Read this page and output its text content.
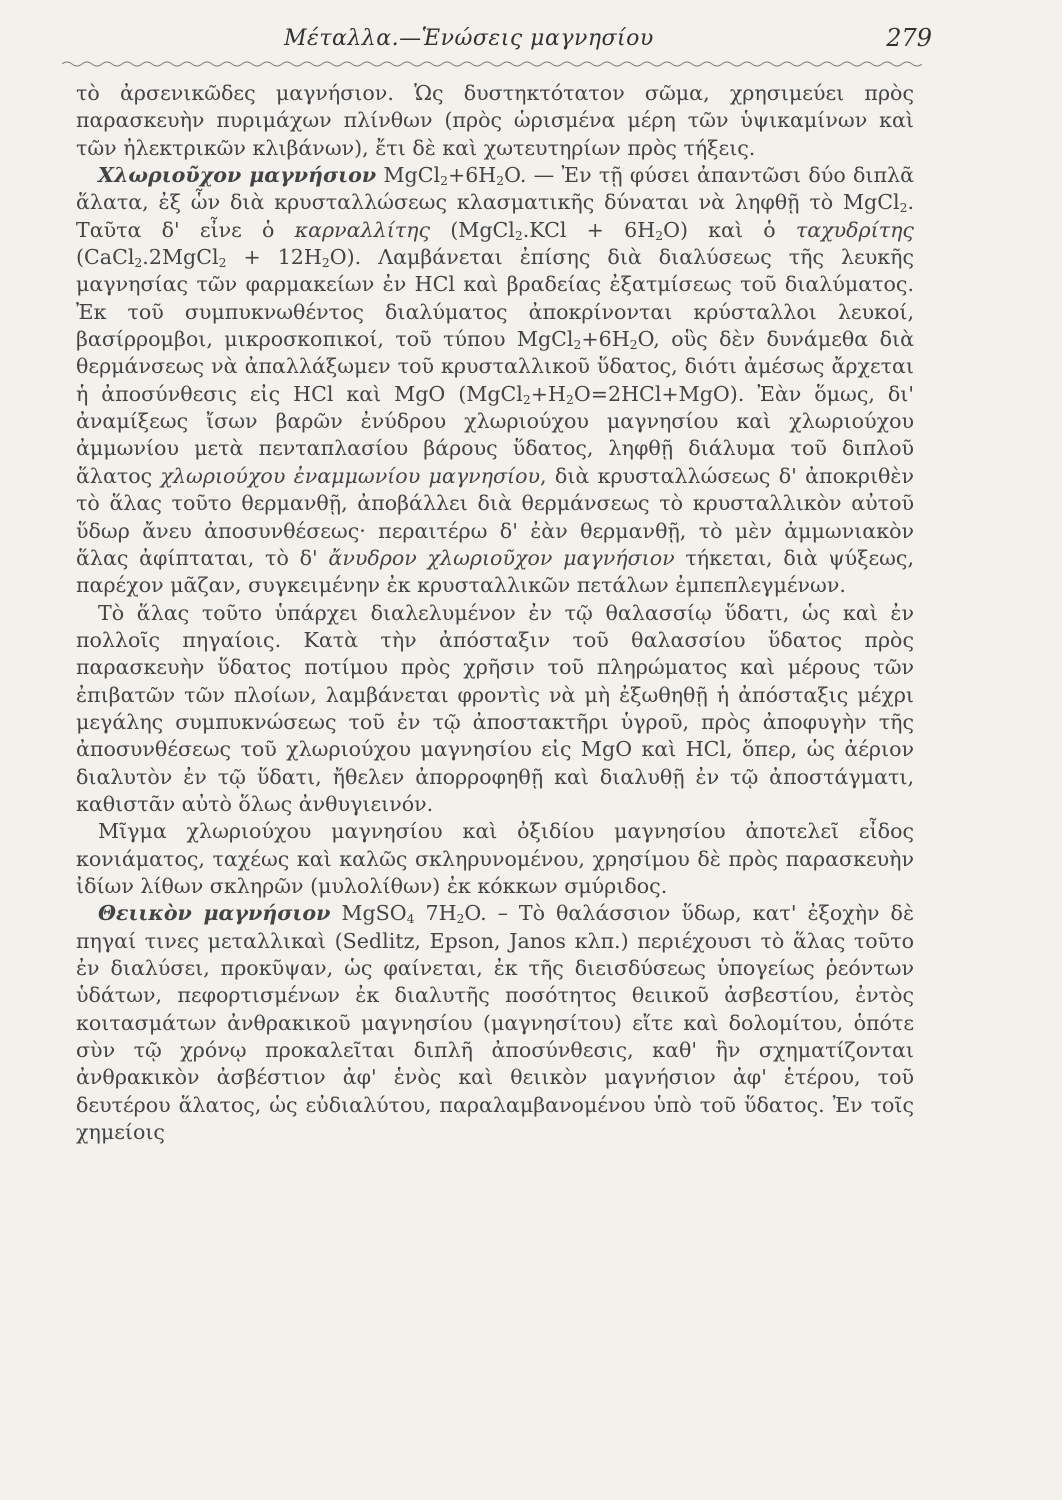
Μέταλλα.—Ἑνώσεις μαγνησίου	279

τὸ ἀρσενικῶδες μαγνήσιον. Ὡς δυστηκτότατον σῶμα, χρησιμεύει πρὸς παρασκευὴν πυριμάχων πλίνθων (πρὸς ὡρισμένα μέρη τῶν ὑψικαμίνων καὶ τῶν ἠλεκτρικῶν κλιβάνων), ἔτι δὲ καὶ χωτευτηρίων πρὸς τήξεις.

Χλωριοῦχον μαγνήσιον $MgCl_2+6H_2O$. — Ἐν τῇ φύσει ἀπαντῶσι δύο διπλᾶ ἅλατα, ἐξ ὧν διὰ κρυσταλλώσεως κλασματικῆς δύναται νὰ ληφθῇ τὸ MgCl$_2$. Ταῦτα δ' εἶνε ὁ καρναλλίτης (MgCl$_2$.KCl + $6H_2O$) καὶ ὁ ταχυδρίτης (CaCl$_2$.2MgCl$_2$ + $12H_2O$). Λαμβάνεται ἐπίσης διὰ διαλύσεως τῆς λευκῆς μαγνησίας τῶν φαρμακείων ἐν HCl καὶ βραδείας ἐξατμίσεως τοῦ διαλύματος. Ἐκ τοῦ συμπυκνωθέντος διαλύματος ἀποκρίνονται κρύσταλλοι λευκοί, βασίρρομβοι, μικροσκοπικοί, τοῦ τύπου $MgCl_2+6H_2O$, οὓς δὲν δυνάμεθα διὰ θερμάνσεως νὰ ἀπαλλάξωμεν τοῦ κρυσταλλικοῦ ὕδατος, διότι ἀμέσως ἄρχεται ἡ ἀποσύνθεσις εἰς HCl καὶ MgO $(MgCl_2+H_2O=2HCl+MgO)$. Ἐὰν ὅμως, δι' ἀναμίξεως ἴσων βαρῶν ἐνύδρου χλωριούχου μαγνησίου καὶ χλωριούχου ἀμμωνίου μετὰ πενταπλασίου βάρους ὕδατος, ληφθῇ διάλυμα τοῦ διπλοῦ ἅλατος χλωριούχου ἐναμμωνίου μαγνησίου, διὰ κρυσταλλώσεως δ' ἀποκριθὲν τὸ ἅλας τοῦτο θερμανθῇ, ἀποβάλλει διὰ θερμάνσεως τὸ κρυσταλλικὸν αὐτοῦ ὕδωρ ἄνευ ἀποσυνθέσεως· περαιτέρω δ' ἐὰν θερμανθῇ, τὸ μὲν ἀμμωνιακὸν ἅλας ἀφίπταται, τὸ δ' ἄνυδρον χλωριοῦχον μαγνήσιον τήκεται, διὰ ψύξεως, παρέχον μᾶζαν, συγκειμένην ἐκ κρυσταλλικῶν πετάλων ἐμπεπλεγμένων.

Τὸ ἅλας τοῦτο ὑπάρχει διαλελυμένον ἐν τῷ θαλασσίῳ ὕδατι, ὡς καὶ ἐν πολλοῖς πηγαίοις. Κατὰ τὴν ἀπόσταξιν τοῦ θαλασσίου ὕδατος πρὸς παρασκευὴν ὕδατος ποτίμου πρὸς χρῆσιν τοῦ πληρώματος καὶ μέρους τῶν ἐπιβατῶν τῶν πλοίων, λαμβάνεται φροντὶς νὰ μὴ ἐξωθηθῇ ἡ ἀπόσταξις μέχρι μεγάλης συμπυκνώσεως τοῦ ἐν τῷ ἀποστακτῆρι ὑγροῦ, πρὸς ἀποφυγὴν τῆς ἀποσυνθέσεως τοῦ χλωριούχου μαγνησίου εἰς MgO καὶ HCl, ὅπερ, ὡς ἀέριον διαλυτὸν ἐν τῷ ὕδατι, ἤθελεν ἀπορροφηθῇ καὶ διαλυθῇ ἐν τῷ ἀποστάγματι, καθιστᾶν αὐτὸ ὅλως ἀνθυγιεινόν.

Μῖγμα χλωριούχου μαγνησίου καὶ ὀξιδίου μαγνησίου ἀποτελεῖ εἶδος κονιάματος, ταχέως καὶ καλῶς σκληρυνομένου, χρησίμου δὲ πρὸς παρασκευὴν ἰδίων λίθων σκληρῶν (μυλολίθων) ἐκ κόκκων σμύριδος.

Θειικὸν μαγνήσιον MgSO$_4$ $7H_2O$. – Τὸ θαλάσσιον ὕδωρ, κατ' ἐξοχὴν δὲ πηγαί τινες μεταλλικαὶ (Sedlitz, Epson, Janos κλπ.) περιέχουσι τὸ ἅλας τοῦτο ἐν διαλύσει, προκῦψαν, ὡς φαίνεται, ἐκ τῆς διεισδύσεως ὑπογείως ῥεόντων ὑδάτων, πεφορτισμένων ἐκ διαλυτῆς ποσότητος θειικοῦ ἀσβεστίου, ἐντὸς κοιτασμάτων ἀνθρακικοῦ μαγνησίου (μαγνησίτου) εἴτε καὶ δολομίτου, ὁπότε σὺν τῷ χρόνῳ προκαλεῖται διπλῆ ἀποσύνθεσις, καθ' ἣν σχηματίζονται ἀνθρακικὸν ἀσβέστιον ἀφ' ἑνὸς καὶ θειικὸν μαγνήσιον ἀφ' ἑτέρου, τοῦ δευτέρου ἅλατος, ὡς εὐδιαλύτου, παραλαμβανομένου ὑπὸ τοῦ ὕδατος. Ἐν τοῖς χημείοις
